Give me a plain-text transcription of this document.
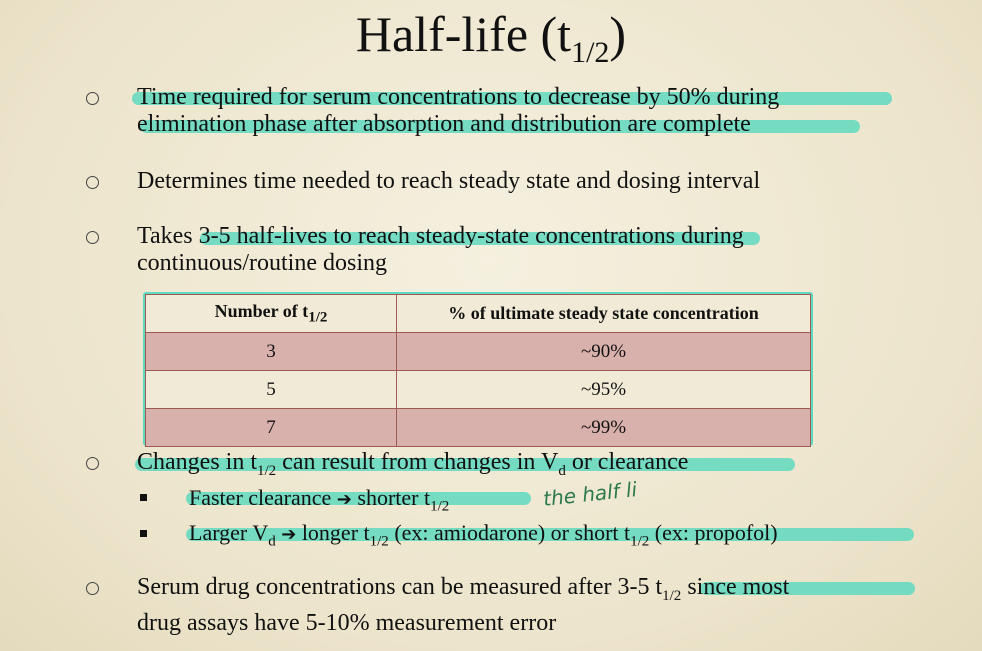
Half-life $(t_{1/2})$
Time required for serum concentrations to decrease by 50% during
elimination phase after absorption and distribution are complete
Determines time needed to reach steady state and dosing interval
Takes 3-5 half-lives to reach steady-state concentrations during
continuous/routine dosing
Number of $t_{1/2}$	% of ultimate steady state concentration
3	~90%
5	~95%
7	~99%
Changes in $t_{1/2}$ can result from changes in $V_d$ or clearance
Faster clearance ➔ shorter $t_{1/2}$	the half li
Larger $V_d$ ➔ longer $t_{1/2}$ (ex: amiodarone) or short $t_{1/2}$ (ex: propofol)
Serum drug concentrations can be measured after 3-5 $t_{1/2}$ since most
drug assays have 5-10% measurement error
